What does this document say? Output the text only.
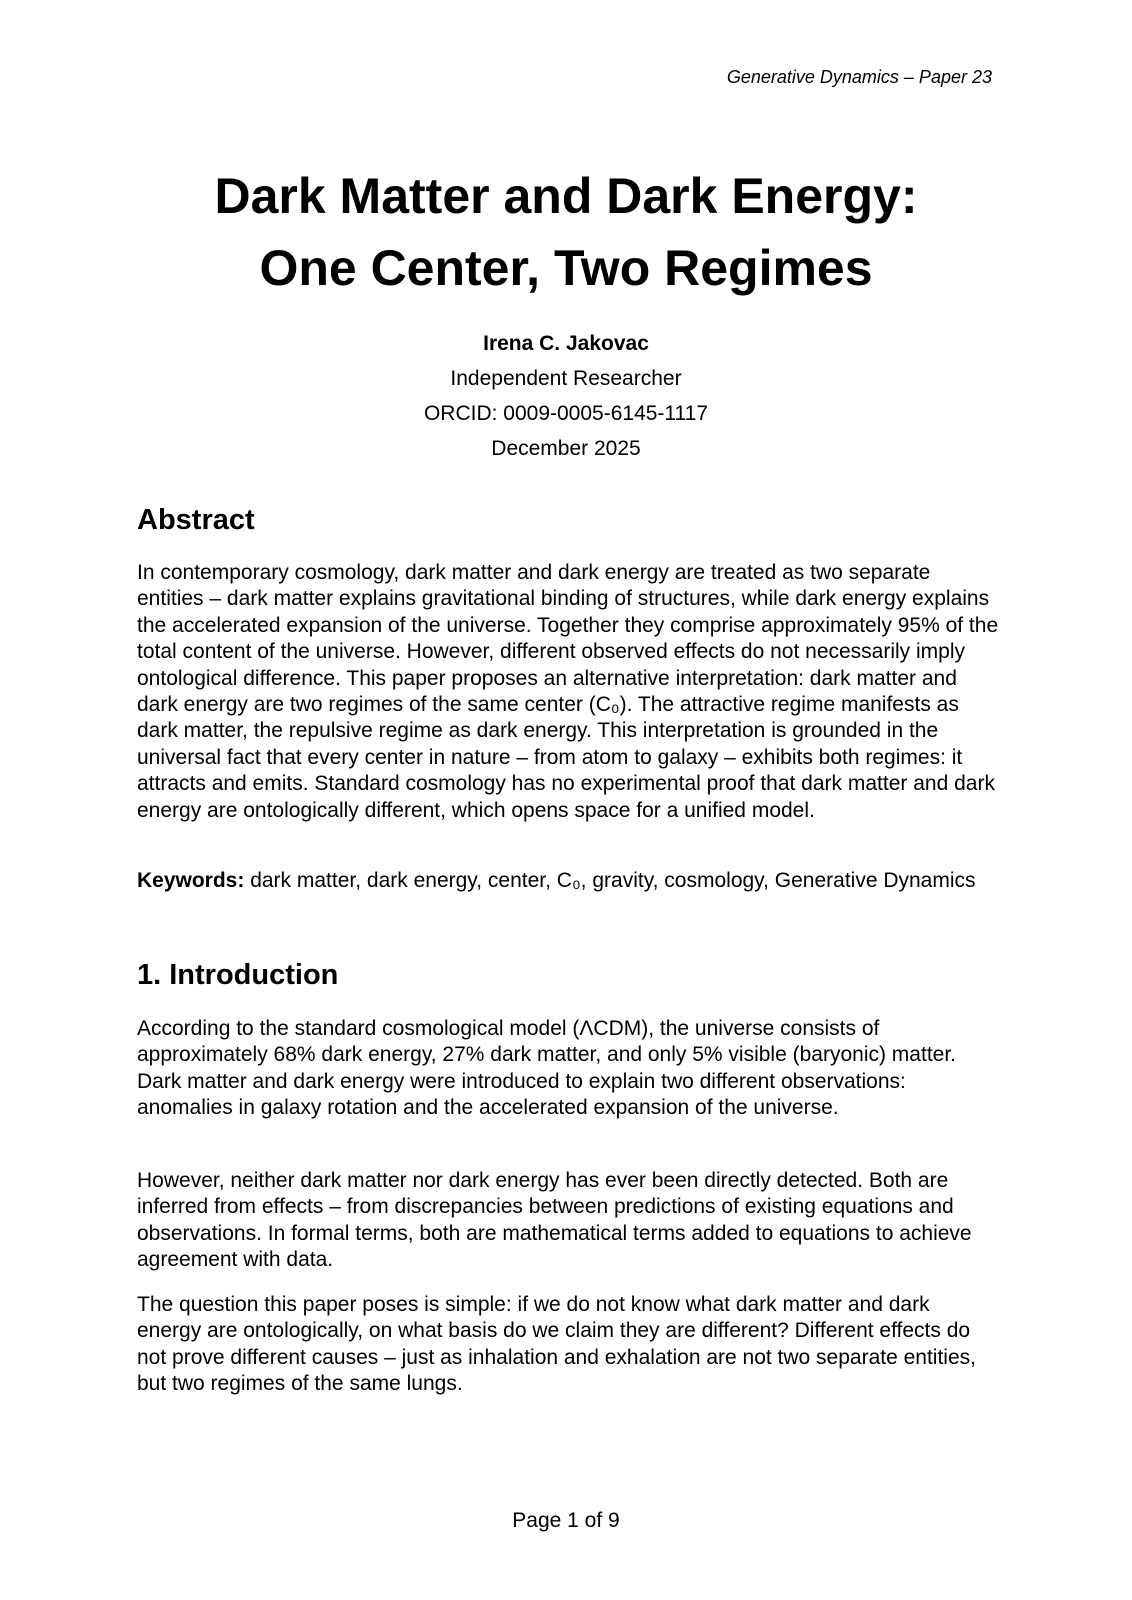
Generative Dynamics – Paper 23
Dark Matter and Dark Energy:
One Center, Two Regimes
Irena C. Jakovac
Independent Researcher
ORCID: 0009-0005-6145-1117
December 2025
Abstract

In contemporary cosmology, dark matter and dark energy are treated as two separate entities – dark matter explains gravitational binding of structures, while dark energy explains the accelerated expansion of the universe. Together they comprise approximately 95% of the total content of the universe. However, different observed effects do not necessarily imply ontological difference. This paper proposes an alternative interpretation: dark matter and dark energy are two regimes of the same center (C₀). The attractive regime manifests as dark matter, the repulsive regime as dark energy. This interpretation is grounded in the universal fact that every center in nature – from atom to galaxy – exhibits both regimes: it attracts and emits. Standard cosmology has no experimental proof that dark matter and dark energy are ontologically different, which opens space for a unified model.

Keywords: dark matter, dark energy, center, C₀, gravity, cosmology, Generative Dynamics

1. Introduction

According to the standard cosmological model (ΛCDM), the universe consists of approximately 68% dark energy, 27% dark matter, and only 5% visible (baryonic) matter. Dark matter and dark energy were introduced to explain two different observations: anomalies in galaxy rotation and the accelerated expansion of the universe.

However, neither dark matter nor dark energy has ever been directly detected. Both are inferred from effects – from discrepancies between predictions of existing equations and observations. In formal terms, both are mathematical terms added to equations to achieve agreement with data.

The question this paper poses is simple: if we do not know what dark matter and dark energy are ontologically, on what basis do we claim they are different? Different effects do not prove different causes – just as inhalation and exhalation are not two separate entities, but two regimes of the same lungs.

Page 1 of 9
